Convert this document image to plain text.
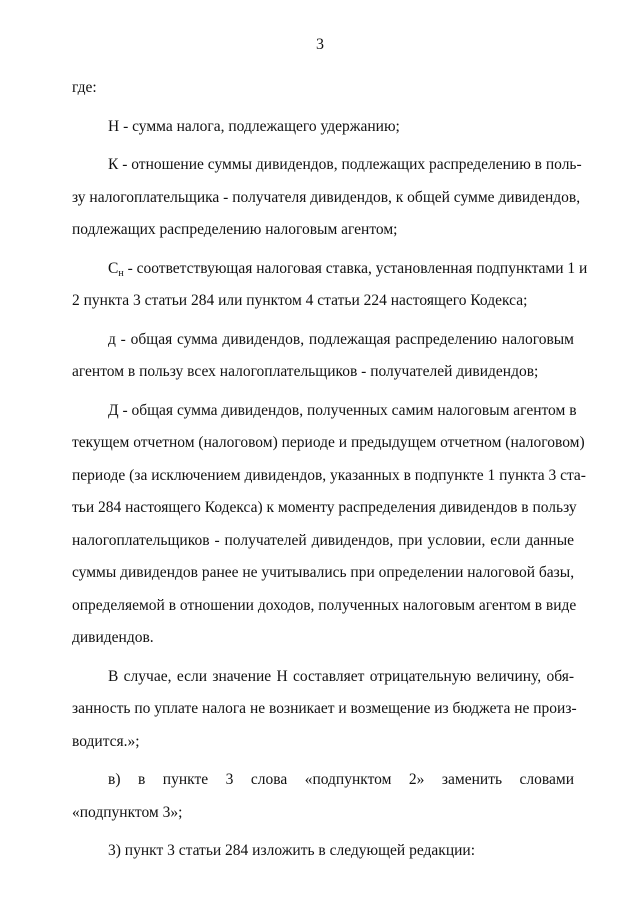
3
где:
Н - сумма налога, подлежащего удержанию;
К - отношение суммы дивидендов, подлежащих распределению в поль-
зу налогоплательщика - получателя дивидендов, к общей сумме дивидендов,
подлежащих распределению налоговым агентом;
$С_н$ - соответствующая налоговая ставка, установленная подпунктами 1 и
2 пункта 3 статьи 284 или пунктом 4 статьи 224 настоящего Кодекса;
д - общая сумма дивидендов, подлежащая распределению налоговым
агентом в пользу всех налогоплательщиков - получателей дивидендов;
Д - общая сумма дивидендов, полученных самим налоговым агентом в
текущем отчетном (налоговом) периоде и предыдущем отчетном (налоговом)
периоде (за исключением дивидендов, указанных в подпункте 1 пункта 3 ста-
тьи 284 настоящего Кодекса) к моменту распределения дивидендов в пользу
налогоплательщиков - получателей дивидендов, при условии, если данные
суммы дивидендов ранее не учитывались при определении налоговой базы,
определяемой в отношении доходов, полученных налоговым агентом в виде
дивидендов.
В случае, если значение Н составляет отрицательную величину, обя-
занность по уплате налога не возникает и возмещение из бюджета не произ-
водится.»;
в) в пункте 3 слова «подпунктом 2» заменить словами
«подпунктом 3»;
3) пункт 3 статьи 284 изложить в следующей редакции:
